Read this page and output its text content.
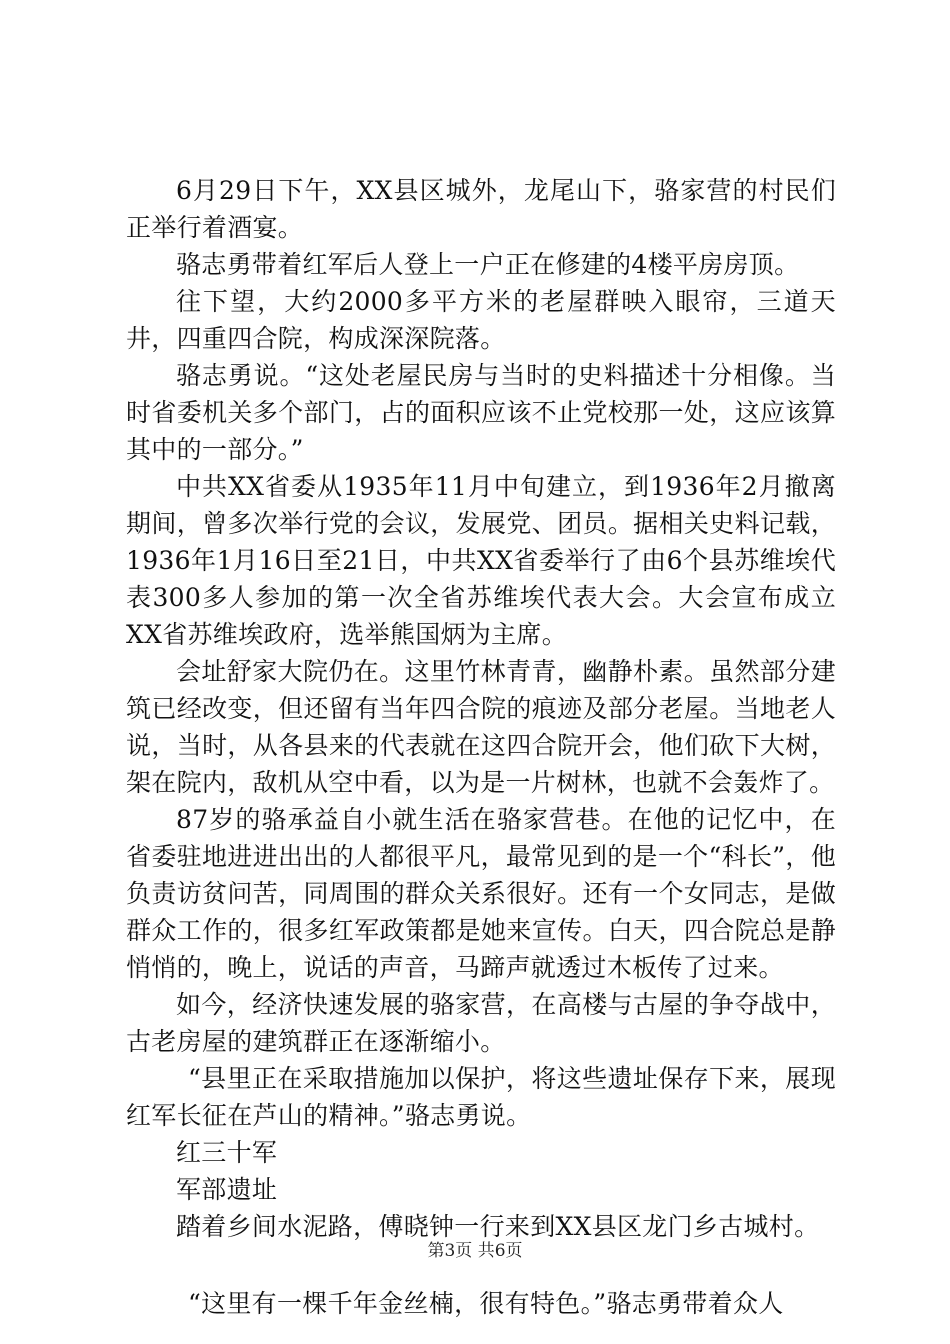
6月29日下午，XX县区城外，龙尾山下，骆家营的村民们正举行着酒宴。

骆志勇带着红军后人登上一户正在修建的4楼平房房顶。

往下望，大约2000多平方米的老屋群映入眼帘，三道天井，四重四合院，构成深深院落。

骆志勇说。“这处老屋民房与当时的史料描述十分相像。当时省委机关多个部门，占的面积应该不止党校那一处，这应该算其中的一部分。”

中共XX省委从1935年11月中旬建立，到1936年2月撤离期间，曾多次举行党的会议，发展党、团员。据相关史料记载，1936年1月16日至21日，中共XX省委举行了由6个县苏维埃代表300多人参加的第一次全省苏维埃代表大会。大会宣布成立XX省苏维埃政府，选举熊国炳为主席。

会址舒家大院仍在。这里竹林青青，幽静朴素。虽然部分建筑已经改变，但还留有当年四合院的痕迹及部分老屋。当地老人说，当时，从各县来的代表就在这四合院开会，他们砍下大树，架在院内，敌机从空中看，以为是一片树林，也就不会轰炸了。

87岁的骆承益自小就生活在骆家营巷。在他的记忆中，在省委驻地进进出出的人都很平凡，最常见到的是一个“科长”，他负责访贫问苦，同周围的群众关系很好。还有一个女同志，是做群众工作的，很多红军政策都是她来宣传。白天，四合院总是静悄悄的，晚上，说话的声音，马蹄声就透过木板传了过来。

如今，经济快速发展的骆家营，在高楼与古屋的争夺战中，古老房屋的建筑群正在逐渐缩小。

“县里正在采取措施加以保护，将这些遗址保存下来，展现红军长征在芦山的精神。”骆志勇说。

红三十军

军部遗址

踏着乡间水泥路，傅晓钟一行来到XX县区龙门乡古城村。

“这里有一棵千年金丝楠，很有特色。”骆志勇带着众人

第3页 共6页
